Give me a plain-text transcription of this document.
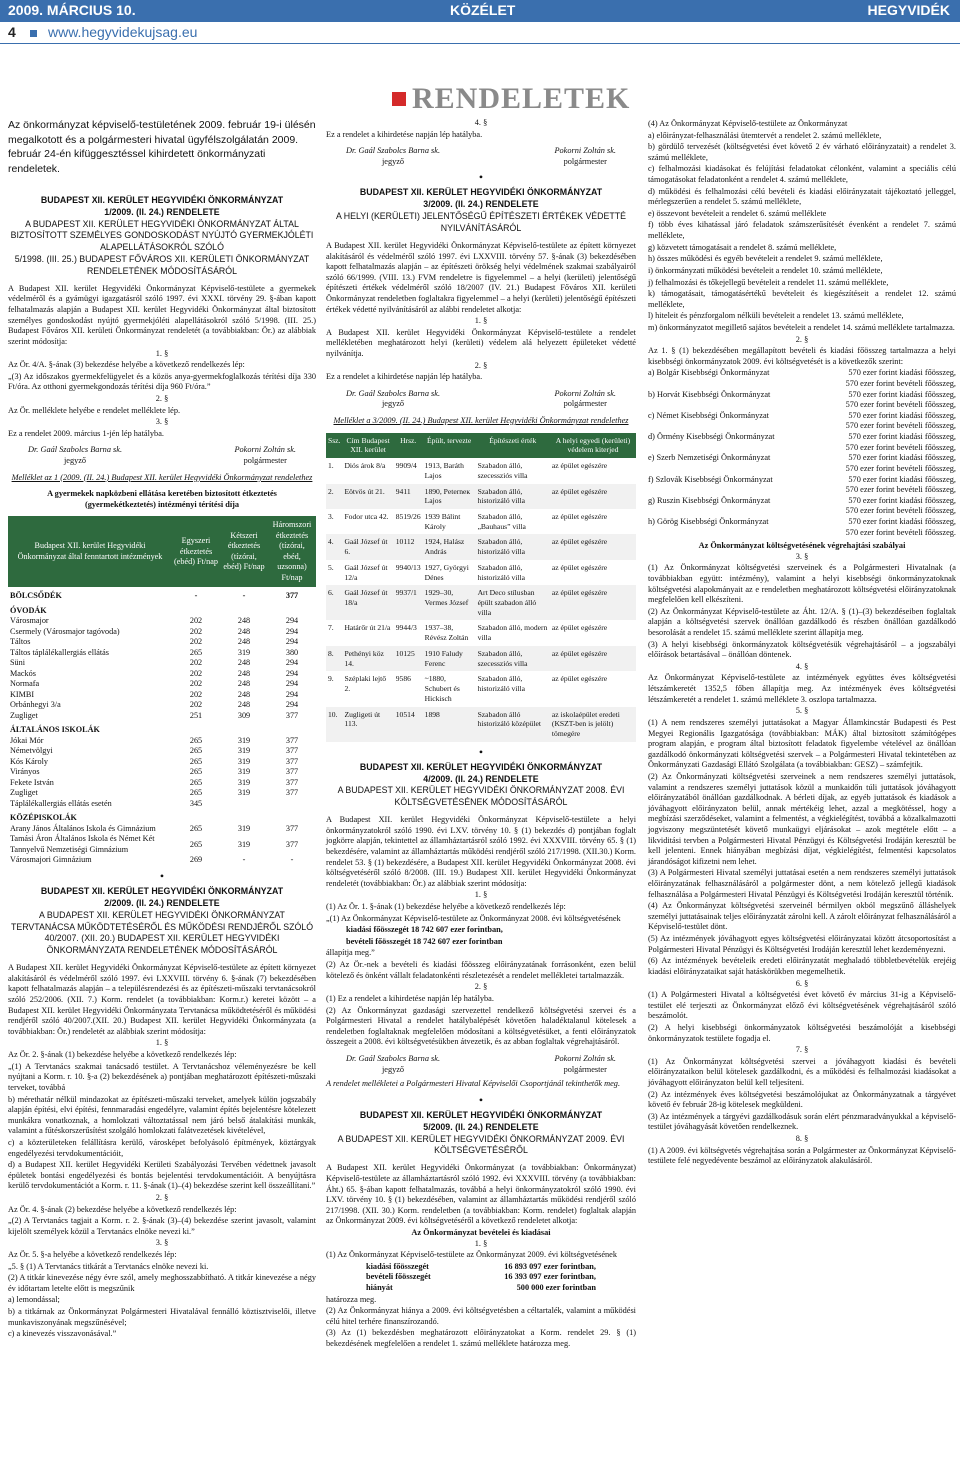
2009. MÁRCIUS 10.	KÖZÉLET	HEGYVIDÉK
4 www.hegyvidekujsag.eu
RENDELETEK
Az önkormányzat képviselő-testületének 2009. február 19-i ülésén megalkotott és a polgármesteri hivatal ügyfélszolgálatán 2009. február 24-én kifüggesztéssel kihirdetett önkormányzati rendeletek.
BUDAPEST XII. KERÜLET HEGYVIDÉKI ÖNKORMÁNYZAT
1/2009. (II. 24.) RENDELETE
A BUDAPEST XII. KERÜLET HEGYVIDÉKI ÖNKORMÁNYZAT ÁLTAL BIZTOSÍTOTT SZEMÉLYES GONDOSKODÁST NYÚJTÓ GYERMEKJÓLÉTI ALAPELLÁTÁSOKRÓL SZÓLÓ
5/1998. (III. 25.) BUDAPEST FŐVÁROS XII. KERÜLETI ÖNKORMÁNYZAT RENDELETÉNEK MÓDOSÍTÁSÁRÓL

A Budapest XII. kerület Hegyvidéki Önkormányzat Képviselő-testülete a gyermekek védelméről és a gyámügyi igazgatásról szóló 1997. évi XXXI. törvény 29. §-ában kapott felhatalmazás alapján a Budapest XII. kerület Hegyvidéki Önkormányzat által biztosított személyes gondoskodást nyújtó gyermekjóléti alapellátásokról szóló 5/1998. (III. 25.) Budapest Főváros XII. kerületi Önkormányzat rendeletét (a továbbiakban: Ör.) az alábbiak szerint módosítja:

1. §

Az Ör. 4/A. §-ának (3) bekezdése helyébe a következő rendelkezés lép:

„(3) Az időszakos gyermekfelügyelet és a közös anya-gyermekfoglalkozás térítési díja 330 Ft/óra. Az otthoni gyermekgondozás térítési díja 960 Ft/óra.”

2. §

Az Ör. melléklete helyébe e rendelet melléklete lép.

3. §

Ez a rendelet 2009. március 1-jén lép hatályba.

Dr. Gaál Szabolcs Barna sk.
jegyző
Pokorni Zoltán sk.
polgármester
Melléklet az 1 (2009. (II. 24.) Budapest XII. kerület Hegyvidéki Önkormányzat rendelethez
A gyermekek napközbeni ellátása keretében biztosított étkeztetés (gyermekétkeztetés) intézményi térítési díja
Budapest XII. kerület Hegyvidéki Önkormányzat által fenntartott intézmények	Egyszeri étkeztetés (ebéd) Ft/nap	Kétszeri étkeztetés (tízórai, ebéd) Ft/nap	Háromszori étkeztetés (tízórai, ebéd, uzsonna) Ft/nap
BÖLCSŐDÉK	-	-	377
ÓVODÁK			
Városmajor	202	248	294
Csermely (Városmajor tagóvoda)	202	248	294
Táltos	202	248	294
Táltos táplálékallergiás ellátás	265	319	380
Süni	202	248	294
Mackós	202	248	294
Normafa	202	248	294
KIMBI	202	248	294
Orbánhegyi 3/a	202	248	294
Zugliget	251	309	377
ÁLTALÁNOS ISKOLÁK			
Jókai Mór	265	319	377
Németvölgyi	265	319	377
Kós Károly	265	319	377
Virányos	265	319	377
Fekete István	265	319	377
Zugliget	265	319	377
Táplálékallergiás ellátás esetén	345		
KÖZÉPISKOLÁK			
Arany János Általános Iskola és Gimnázium	265	319	377
Tamási Áron Általános Iskola és Német Két Tannyelvű Nemzetiségi Gimnázium	265	319	377
Városmajori Gimnázium	269	-	-
•
BUDAPEST XII. KERÜLET HEGYVIDÉKI ÖNKORMÁNYZAT
2/2009. (II. 24.) RENDELETE
A BUDAPEST XII. KERÜLET HEGYVIDÉKI ÖNKORMÁNYZAT TERVTANÁCSA MŰKÖDTETÉSÉRŐL ÉS MŰKÖDÉSI RENDJÉRŐL SZÓLÓ 40/2007. (XII. 20.) BUDAPEST XII. KERÜLET HEGYVIDÉKI ÖNKORMÁNYZATA RENDELETÉNEK MÓDOSÍTÁSÁRÓL

A Budapest XII. kerület Hegyvidéki Önkormányzat Képviselő-testülete az épített környezet alakításáról és védelméről szóló 1997. évi LXXVIII. törvény 6. §-ának (7) bekezdésében kapott felhatalmazás alapján – a településrendezési és az építészeti-műszaki tervtanácsokról szóló 252/2006. (XII. 7.) Korm. rendelet (a továbbiakban: Korm.r.) keretei között – a Budapest XII. kerület Hegyvidéki Önkormányzata Tervtanácsa működtetéséről és működési rendjéről szóló 40/2007.(XII. 20.) Budapest XII. kerület Hegyvidéki Önkormányzata (a továbbiakban: Ör.) rendeletét az alábbiak szerint módosítja:

1. §

Az Ör. 2. §-ának (1) bekezdése helyébe a következő rendelkezés lép:

„(1) A Tervtanács szakmai tanácsadó testület. A Tervtanácshoz véleményezésre be kell nyújtani a Korm. r. 10. §-a (2) bekezdésének a) pontjában meghatározott építészeti-műszaki terveket, továbbá

b) mérethatár nélkül mindazokat az építészeti-műszaki terveket, amelyek külön jogszabály alapján építési, elvi építési, fennmaradási engedélyre, valamint építés bejelentésre kötelezett munkákra vonatkoznak, a homlokzati változtatással nem járó belső átalakítási munkák, valamint a fűtéskorszerűsítést szolgáló homlokzati falátvezetések kivételével,

c) a közterületeken felállításra kerülő, városképet befolyásoló építmények, köztárgyak engedélyezési tervdokumentációit,

d) a Budapest XII. kerület Hegyvidéki Kerületi Szabályozási Tervében védettnek javasolt épületek bontási engedélyezési és bontás bejelentési tervdokumentációit. A benyújtásra kerülő tervdokumentációt a Korm. r. 11. §-ának (1)–(4) bekezdése szerint kell összeállítani.”

2. §

Az Ör. 4. §-ának (2) bekezdése helyébe a következő rendelkezés lép:

„(2) A Tervtanács tagjait a Korm. r. 2. §-ának (3)–(4) bekezdése szerint javasolt, valamint kijelölt személyek közül a Tervtanács elnöke nevezi ki.”

3. §

Az Ör. 5. §-a helyébe a következő rendelkezés lép:

„5. § (1) A Tervtanács titkárát a Tervtanács elnöke nevezi ki.

(2) A titkár kinevezése négy évre szól, amely meghosszabbítható. A titkár kinevezése a négy év időtartam letelte előtt is megszűnik

a) lemondással;

b) a titkárnak az Önkormányzat Polgármesteri Hivatalával fennálló köztisztviselői, illetve munkaviszonyának megszűnésével;

c) a kinevezés visszavonásával.”

4. §

Ez a rendelet a kihirdetése napján lép hatályba.

Dr. Gaál Szabolcs Barna sk.
jegyző
Pokorni Zoltán sk.
polgármester
•
BUDAPEST XII. KERÜLET HEGYVIDÉKI ÖNKORMÁNYZAT
3/2009. (II. 24.) RENDELETE
A HELYI (KERÜLETI) JELENTŐSÉGŰ ÉPÍTÉSZETI ÉRTÉKEK VÉDETTÉ NYILVÁNÍTÁSÁRÓL

A Budapest XII. kerület Hegyvidéki Önkormányzat Képviselő-testülete az épített környezet alakításáról és védelméről szóló 1997. évi LXXVIII. törvény 57. §-ának (3) bekezdésében kapott felhatalmazás alapján – az építészeti örökség helyi védelmének szakmai szabályairól szóló 66/1999. (VIII. 13.) FVM rendeletre is figyelemmel – a helyi (kerületi) jelentőségű építészeti értékek védelméről szóló 18/2007 (IV. 21.) Budapest Főváros XII. kerületi Önkormányzat rendeletben foglaltakra figyelemmel – a helyi (kerületi) jelentőségű építészeti értékek védetté nyilvánításáról az alábbi rendeletet alkotja:

1. §

A Budapest XII. kerület Hegyvidéki Önkormányzat Képviselő-testülete a rendelet mellékletében meghatározott helyi (kerületi) védelem alá helyezett épületeket védetté nyilvánítja.

2. §

Ez a rendelet a kihirdetése napján lép hatályba.

Dr. Gaál Szabolcs Barna sk.
jegyző
Pokorni Zoltán sk.
polgármester
Melléklet a 3/2009. (II. 24.) Budapest XII. kerület Hegyvidéki Önkormányzat rendelethez
Ssz.	Cím Budapest XII. kerület	Hrsz.	Épült, tervezte	Építészeti érték	A helyi egyedi (kerületi) védelem kiterjed
1.	Diós árok 8/a	9909/4	1913, Baráth Lajos	Szabadon álló, szecessziós villa	az épület egészére
2.	Eötvös út 21.	9411	1890, Peterneк Lajos	Szabadon álló, historizáló villa	az épület egészére
3.	Fodor utca 42.	8519/26	1939 Bálint Károly	Szabadon álló, „Bauhaus” villa	az épület egészére
4.	Gaál József út 6.	10112	1924, Halász András	Szabadon álló, historizáló villa	az épület egészére
5.	Gaál József út 12/a	9940/13	1927, Györgyi Dénes	Szabadon álló, historizáló villa	az épület egészére
6.	Gaál József út 18/a	9937/1	1929–30, Vermes József	Art Deco stílusban épült szabadon álló villa	az épület egészére
7.	Határőr út 21/a	9944/3	1937–38, Révész Zoltán	Szabadon álló, modern villa	az épület egészére
8.	Pethényi köz 14.	10125	1910 Faludy Ferenc	Szabadon álló, szecessziós villa	az épület egészére
9.	Széplaki lejtő 2.	9586	~1880, Schubert és Hickisch	Szabadon álló, historizáló villa	az épület egészére
10.	Zugligeti út 113.	10514	1898	Szabadon álló historizáló középület	az iskolaépület eredeti (KSZT-ben is jelölt) tömegére
•
BUDAPEST XII. KERÜLET HEGYVIDÉKI ÖNKORMÁNYZAT
4/2009. (II. 24.) RENDELETE
A BUDAPEST XII. KERÜLET HEGYVIDÉKI ÖNKORMÁNYZAT 2008. ÉVI KÖLTSÉGVETÉSÉNEK MÓDOSÍTÁSÁRÓL

A Budapest XII. kerület Hegyvidéki Önkormányzat Képviselő-testülete a helyi önkormányzatokról szóló 1990. évi LXV. törvény 10. § (1) bekezdés d) pontjában foglalt jogkörre alapján, tekintettel az államháztartásról szóló 1992. évi XXXVIII. törvény 65. § (1) bekezdésére, valamint az államháztartás működési rendjéről szóló 217/1998. (XII.30.) Korm. rendelet 53. § (1) bekezdésére, a Budapest XII. kerület Hegyvidéki Önkormányzat 2008. évi költségvetéséről szóló 8/2008. (III. 19.) Budapest XII. kerület Hegyvidéki Önkormányzat rendeletét (továbbiakban: Ör.) az alábbiak szerint módosítja:

1. §

(1) Az Ör. 1. §-ának (1) bekezdése helyébe a következő rendelkezés lép:

„(1) Az Önkormányzat Képviselő-testülete az Önkormányzat 2008. évi költségvetésének

kiadási főösszegét 18 742 607 ezer forintban,

bevételi főösszegét 18 742 607 ezer forintban

állapítja meg.”

(2) Az Ör.-nek a bevételi és kiadási főösszeg előirányzatának forrásonként, ezen belül kötelező és önként vállalt feladatonkénti részletezését a rendelet mellékletei tartalmazzák.

2. §

(1) Ez a rendelet a kihirdetése napján lép hatályba.

(2) Az Önkormányzat gazdasági szervezettel rendelkező költségvetési szervei és a Polgármesteri Hivatal a rendelet hatálybalépését követően haladéktalanul kötelesek a rendeletben foglaltaknak megfelelően módosítani a költségvetésüket, a fenti előirányzatok összegeit a 2008. évi költségvetésükben átvezetik, és az abban foglaltak végrehajtásáról.

Dr. Gaál Szabolcs Barna sk.
jegyző
Pokorni Zoltán sk.
polgármester

A rendelet mellékletei a Polgármesteri Hivatal Képviselői Csoportjánál tekinthetők meg.

•
BUDAPEST XII. KERÜLET HEGYVIDÉKI ÖNKORMÁNYZAT
5/2009. (II. 24.) RENDELETE
A BUDAPEST XII. KERÜLET HEGYVIDÉKI ÖNKORMÁNYZAT 2009. ÉVI KÖLTSÉGVETÉSÉRŐL

A Budapest XII. kerület Hegyvidéki Önkormányzat (a továbbiakban: Önkormányzat) Képviselő-testülete az államháztartásról szóló 1992. évi XXXVIII. törvény (a továbbiakban: Áht.) 65. §-ában kapott felhatalmazás, továbbá a helyi önkormányzatokról szóló 1990. évi LXV. törvény 10. § (1) bekezdésében, valamint az államháztartás működési rendjéről szóló 217/1998. (XII. 30.) Korm. rendeletben (a továbbiakban: Korm. rendelet) foglaltak alapján az Önkormányzat 2009. évi költségvetéséről a következő rendeletet alkotja:

Az Önkormányzat bevételei és kiadásai
1. §

(1) Az Önkormányzat Képviselő-testülete az Önkormányzat 2009. évi költségvetésének

kiadási főösszegét	16 893 097 ezer forintban,
bevételi főösszegét	16 393 097 ezer forintban,
hiányát	500 000 ezer forintban

határozza meg.

(2) Az Önkormányzat hiánya a 2009. évi költségvetésben a céltartalék, valamint a működési célú hitel terhére finanszírozandó.

(3) Az (1) bekezdésben meghatározott előirányzatokat a Korm. rendelet 29. § (1) bekezdésének megfelelően a rendelet 1. számú melléklete határozza meg.

(4) Az Önkormányzat Képviselő-testülete az Önkormányzat

a) előirányzat-felhasználási ütemtervét a rendelet 2. számú melléklete,

b) gördülő tervezését (költségvetési évet követő 2 év várható előirányzatait) a rendelet 3. számú melléklete,

c) felhalmozási kiadásokat és felújítási feladatokat célonként, valamint a speciális célú támogatásokat feladatonként a rendelet 4. számú melléklete,

d) működési és felhalmozási célú bevételi és kiadási előirányzatait tájékoztató jelleggel, mérlegszerűen a rendelet 5. számú melléklete,

e) összevont bevételeit a rendelet 6. számú melléklete

f) több éves kihatással járó feladatok számszerűsítését évenként a rendelet 7. számú melléklete,

g) közvetett támogatásait a rendelet 8. számú melléklete,

h) összes működési és egyéb bevételeit a rendelet 9. számú melléklete,

i) önkormányzati működési bevételeit a rendelet 10. számú melléklete,

j) felhalmozási és tőkejellegű bevételeit a rendelet 11. számú melléklete,

k) támogatásait, támogatásértékű bevételeit és kiegészítéseit a rendelet 12. számú melléklete,

l) hiteleit és pénzforgalom nélküli bevételeit a rendelet 13. számú melléklete,

m) önkormányzatot megillető sajátos bevételeit a rendelet 14. számú melléklete tartalmazza.

2. §

Az 1. § (1) bekezdésében megállapított bevételi és kiadási főösszeg tartalmazza a helyi kisebbségi önkormányzatok 2009. évi költségvetését is a következők szerint:

a) Bolgár Kisebbségi Önkormányzat	570 ezer forint kiadási főösszeg,
570 ezer forint bevételi főösszeg,
b) Horvát Kisebbségi Önkormányzat	570 ezer forint kiadási főösszeg,
570 ezer forint bevételi főösszeg,
c) Német Kisebbségi Önkormányzat	570 ezer forint kiadási főösszeg,
570 ezer forint bevételi főösszeg,
d) Örmény Kisebbségi Önkormányzat	570 ezer forint kiadási főösszeg,
570 ezer forint bevételi főösszeg,
e) Szerb Nemzetiségi Önkormányzat	570 ezer forint kiadási főösszeg,
570 ezer forint bevételi főösszeg,
f) Szlovák Kisebbségi Önkormányzat	570 ezer forint kiadási főösszeg,
570 ezer forint bevételi főösszeg,
g) Ruszin Kisebbségi Önkormányzat	570 ezer forint kiadási főösszeg,
570 ezer forint bevételi főösszeg,
h) Görög Kisebbségi Önkormányzat	570 ezer forint kiadási főösszeg,
570 ezer forint bevételi főösszeg.
Az Önkormányzat költségvetésének végrehajtási szabályai
3. §

(1) Az Önkormányzat költségvetési szerveinek és a Polgármesteri Hivatalnak (a továbbiakban együtt: intézmény), valamint a helyi kisebbségi önkormányzatoknak költségvetési alapokmányait az e rendeletben meghatározott költségvetési előirányzatoknak megfelelően kell elkészíteni.

(2) Az Önkormányzat Képviselő-testülete az Áht. 12/A. § (1)–(3) bekezdéseiben foglaltak alapján a költségvetési szervek önállóan gazdálkodó és részben önállóan gazdálkodó besorolását a rendelet 15. számú melléklete szerint állapítja meg.

(3) A helyi kisebbségi önkormányzatok költségvetésük végrehajtásáról – a jogszabályi előírások betartásával – önállóan döntenek.

4. §

Az Önkormányzat Képviselő-testülete az intézmények együttes éves költségvetési létszámkeretét 1352,5 főben állapítja meg. Az intézmények éves költségvetési létszámkeretét a rendelet 1. számú melléklete 3. oszlopa tartalmazza.

5. §

(1) A nem rendszeres személyi juttatásokat a Magyar Államkincstár Budapesti és Pest Megyei Regionális Igazgatósága (továbbiakban: MÁK) által biztosított számítógépes program alapján, e program által biztosított feladatok figyelembe vételével az önállóan gazdálkodó önkormányzati költségvetési szervek – a Polgármesteri Hivatal tekintetében az Önkormányzati Gazdasági Ellátó Szolgálata (a továbbiakban: GESZ) – számfejtik.

(2) Az Önkormányzati költségvetési szerveinek a nem rendszeres személyi juttatások, valamint a rendszeres személyi juttatások közül a munkaidőn túli juttatások jóváhagyott előirányzatából önállóan gazdálkodnak. A bérleti díjak, az egyéb juttatások és kiadások a jóváhagyott előirányzaton belül, annak mértékéig lehet, azzal a megkötéssel, hogy a megbízási szerződéseket, valamint a felmentést, a végkielégítést, továbbá a közalkalmazotti jogviszony megszüntetését követő munkaügyi eljárásokat – azok megtétele előtt – a likviditási tervben a Polgármesteri Hivatal Pénzügyi és Költségvetési Irodáján keresztül be kell jelenteni. Ennek hiányában megbízási díjat, végkielégítést, felmentési kapcsolatos járandóságot kifizetni nem lehet.

(3) A Polgármesteri Hivatal személyi juttatásai esetén a nem rendszeres személyi juttatások előirányzatának felhasználásáról a polgármester dönt, a nem kötelező jellegű kiadások felhasználása a Polgármesteri Hivatal Pénzügyi és Költségvetési Irodáján keresztül történik.

(4) Az Önkormányzat költségvetési szerveinél bérmilyen okból megszűnő álláshelyek személyi juttatásainak teljes előirányzatát zárolni kell. A zárolt előirányzat felhasználásáról a Képviselő-testület dönt.

(5) Az intézmények jóváhagyott egyes költségvetési előirányzatai között átcsoportosítást a Polgármesteri Hivatal Pénzügyi és Költségvetési Irodáján keresztül lehet kezdeményezni.

(6) Az intézmények bevételeik eredeti előirányzatát meghaladó többletbevételük erejéig kiadási előirányzataikat saját hatáskörükben megemelhetik.

6. §

(1) A Polgármesteri Hivatal a költségvetési évet követő év március 31-ig a Képviselő-testület elé terjeszti az Önkormányzat előző évi költségvetésének végrehajtásáról szóló beszámolót.

(2) A helyi kisebbségi önkormányzatok költségvetési beszámolóját a kisebbségi önkormányzatok testülete fogadja el.

7. §

(1) Az Önkormányzat költségvetési szervei a jóváhagyott kiadási és bevételi előirányzataikon belül kötelesek gazdálkodni, és a működési és felhalmozási kiadásokat a jóváhagyott előirányzaton belül kell teljesíteni.

(2) Az intézmények éves költségvetési beszámolójukat az Önkormányzatnak a tárgyévet követő év február 28-ig kötelesek megküldeni.

(3) Az intézmények a tárgyévi gazdálkodásuk során elért pénzmaradványukkal a képviselő-testület jóváhagyását követően rendelkeznek.

8. §

(1) A 2009. évi költségvetés végrehajtása során a Polgármester az Önkormányzat Képviselő-testülete felé negyedévente beszámol az előirányzatok alakulásáról.
